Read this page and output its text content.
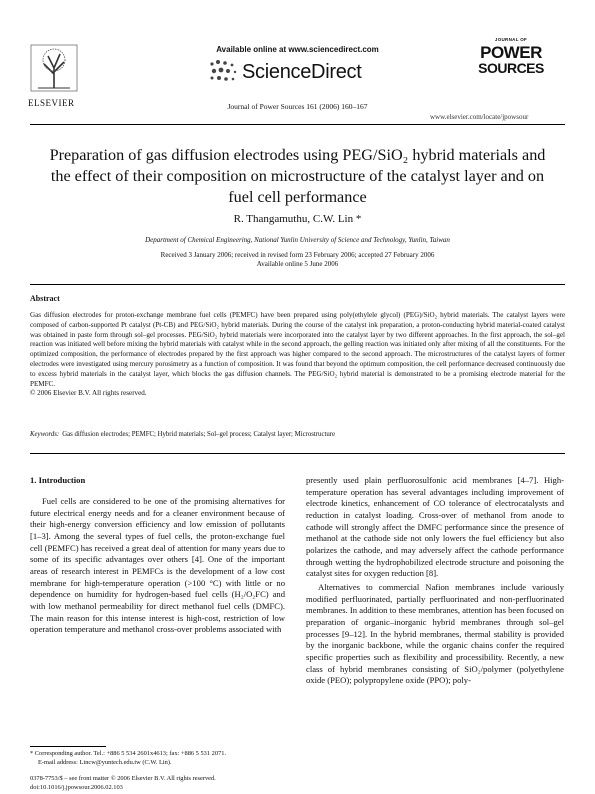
ELSEVIER
Available online at www.sciencedirect.com
ScienceDirect
Journal of Power Sources 161 (2006) 160–167
JOURNAL OF
POWER
SOURCES
www.elsevier.com/locate/jpowsour
Preparation of gas diffusion electrodes using PEG/SiO₂ hybrid materials and the effect of their composition on microstructure of the catalyst layer and on fuel cell performance
R. Thangamuthu, C.W. Lin *
Department of Chemical Engineering, National Yunlin University of Science and Technology, Yunlin, Taiwan
Received 3 January 2006; received in revised form 23 February 2006; accepted 27 February 2006
Available online 5 June 2006
Abstract
Gas diffusion electrodes for proton-exchange membrane fuel cells (PEMFC) have been prepared using poly(ethylele glycol) (PEG)/SiO₂ hybrid materials. The catalyst layers were composed of carbon-supported Pt catalyst (Pt-CB) and PEG/SiO₂ hybrid materials. During the course of the catalyst ink preparation, a proton-conducting hybrid material-coated catalyst was obtained in paste form through sol–gel processes. PEG/SiO₂ hybrid materials were incorporated into the catalyst layer by two different approaches. In the first approach, the sol–gel reaction was initiated well before mixing the hybrid materials with catalyst while in the second approach, the gelling reaction was initiated only after mixing of all the constituents. For the optimized composition, the performance of electrodes prepared by the first approach was higher compared to the second approach. The microstructures of the catalyst layers of former electrodes were investigated using mercury porosimetry as a function of composition. It was found that beyond the optimum composition, the cell performance decreased continuously due to excess hybrid materials in the catalyst layer, which blocks the gas diffusion channels. The PEG/SiO₂ hybrid material is demonstrated to be a promising electrode material for the PEMFC.
© 2006 Elsevier B.V. All rights reserved.
Keywords: Gas diffusion electrodes; PEMFC; Hybrid materials; Sol–gel process; Catalyst layer; Microstructure
1. Introduction

Fuel cells are considered to be one of the promising alternatives for future electrical energy needs and for a cleaner environment because of their high-energy conversion efficiency and low emission of pollutants [1–3]. Among the several types of fuel cells, the proton-exchange fuel cell (PEMFC) has received a great deal of attention for many years due to some of its specific advantages over others [4]. One of the important areas of research interest in PEMFCs is the development of a low cost membrane for high-temperature operation (>100 °C) with little or no dependence on humidity for hydrogen-based fuel cells (H₂/O₂FC) and with low methanol permeability for direct methanol fuel cells (DMFC). The main reason for this intense interest is high-cost, restriction of low operation temperature and methanol cross-over problems associated with

presently used plain perfluorosulfonic acid membranes [4–7]. High-temperature operation has several advantages including improvement of electrode kinetics, enhancement of CO tolerance of electrocatalysts and reduction in catalyst loading. Cross-over of methanol from anode to cathode will strongly affect the DMFC performance since the presence of methanol at the cathode side not only lowers the fuel efficiency but also polarizes the cathode, and may adversely affect the cathode performance through wetting the hydrophobilized electrode structure and poisoning the catalyst sites for oxygen reduction [8].

Alternatives to commercial Nafion membranes include variously modified perfluorinated, partially perfluorinated and non-perfluorinated membranes. In addition to these membranes, attention has been focused on preparation of organic–inorganic hybrid membranes through sol–gel processes [9–12]. In the hybrid membranes, thermal stability is provided by the inorganic backbone, while the organic chains confer the required specific properties such as flexibility and processibility. Recently, a new class of hybrid membranes consisting of SiO₂/polymer (polyethylene oxide (PEO); polypropylene oxide (PPO); poly-

* Corresponding author. Tel.: +886 5 534 2601x4613; fax: +886 5 531 2071.
E-mail address: Lincw@yuntech.edu.tw (C.W. Lin).
0378-7753/$ – see front matter © 2006 Elsevier B.V. All rights reserved.
doi:10.1016/j.jpowsour.2006.02.103
